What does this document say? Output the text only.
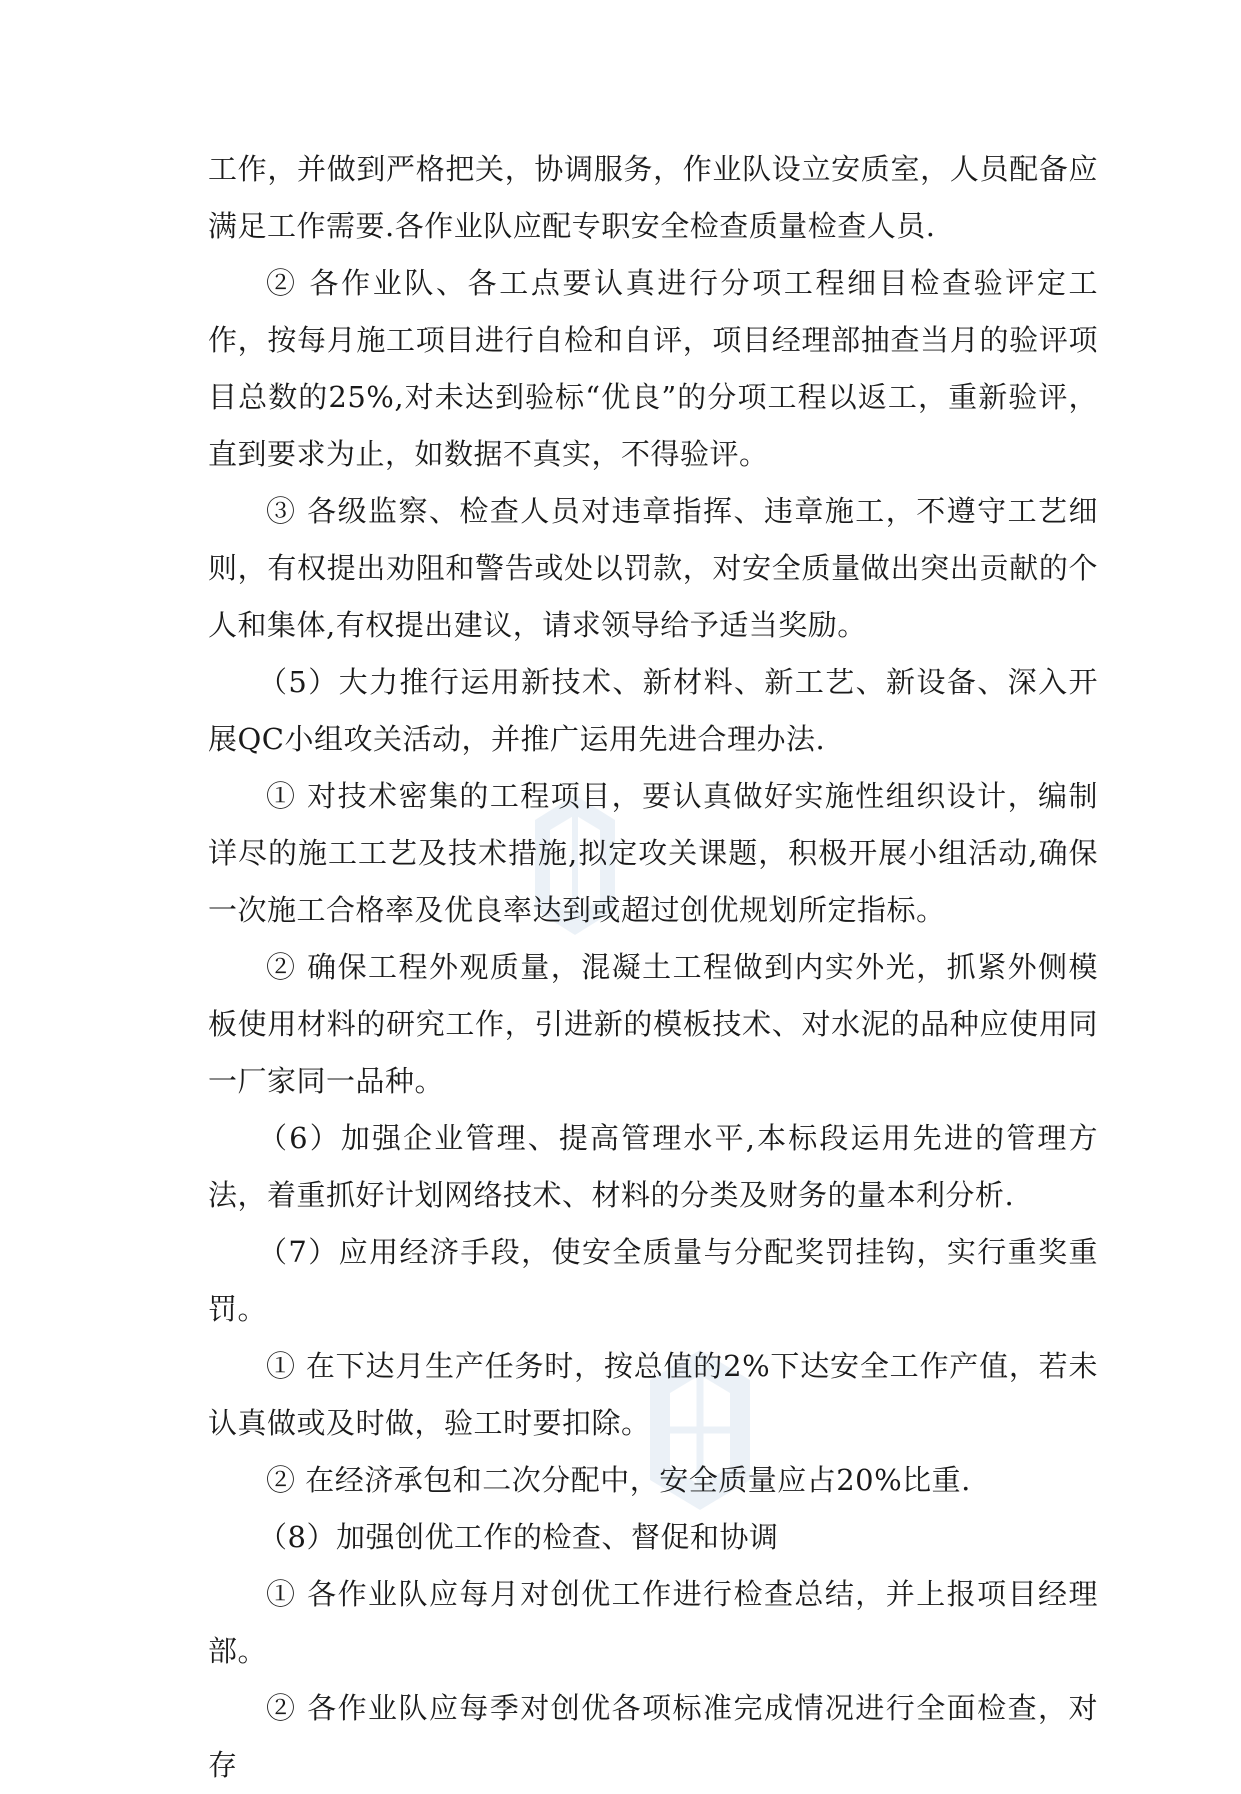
工作，并做到严格把关，协调服务，作业队设立安质室，人员配备应满足工作需要.各作业队应配专职安全检查质量检查人员.

② 各作业队、各工点要认真进行分项工程细目检查验评定工作，按每月施工项目进行自检和自评，项目经理部抽查当月的验评项目总数的25%,对未达到验标“优良”的分项工程以返工，重新验评，直到要求为止，如数据不真实，不得验评。

③ 各级监察、检查人员对违章指挥、违章施工，不遵守工艺细则，有权提出劝阻和警告或处以罚款，对安全质量做出突出贡献的个人和集体,有权提出建议，请求领导给予适当奖励。

（5）大力推行运用新技术、新材料、新工艺、新设备、深入开展QC小组攻关活动，并推广运用先进合理办法.

① 对技术密集的工程项目，要认真做好实施性组织设计，编制详尽的施工工艺及技术措施,拟定攻关课题，积极开展小组活动,确保一次施工合格率及优良率达到或超过创优规划所定指标。

② 确保工程外观质量，混凝土工程做到内实外光，抓紧外侧模板使用材料的研究工作，引进新的模板技术、对水泥的品种应使用同一厂家同一品种。

（6）加强企业管理、提高管理水平,本标段运用先进的管理方法，着重抓好计划网络技术、材料的分类及财务的量本利分析.

（7）应用经济手段，使安全质量与分配奖罚挂钩，实行重奖重罚。

① 在下达月生产任务时，按总值的2%下达安全工作产值，若未认真做或及时做，验工时要扣除。

② 在经济承包和二次分配中，安全质量应占20%比重.

（8）加强创优工作的检查、督促和协调

① 各作业队应每月对创优工作进行检查总结，并上报项目经理部。

② 各作业队应每季对创优各项标准完成情况进行全面检查，对存
